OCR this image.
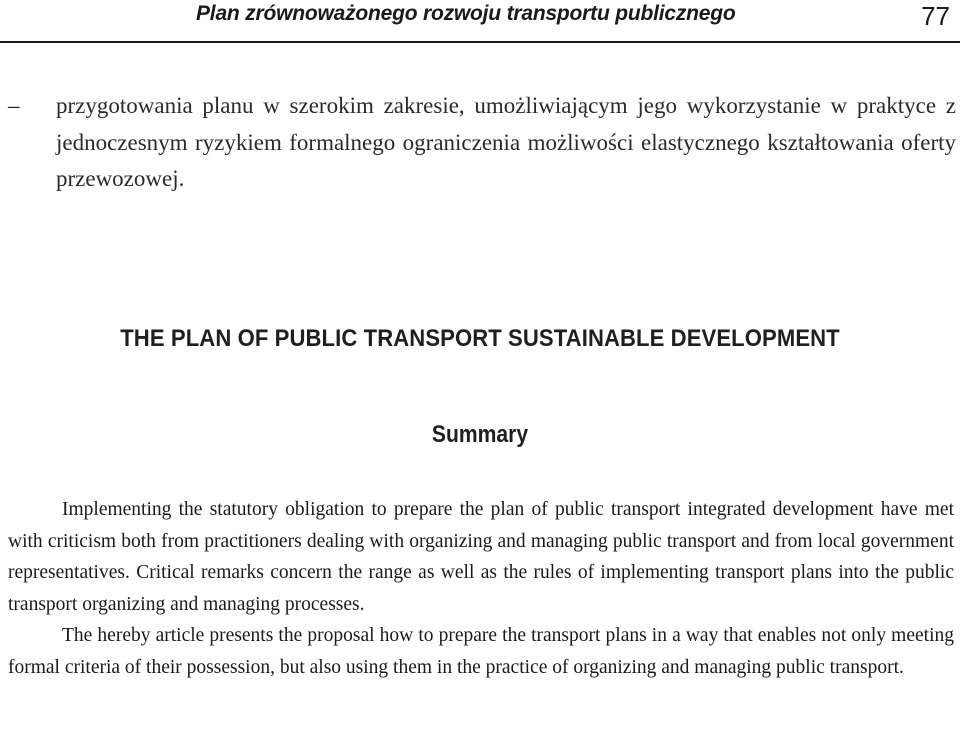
Plan zrównoważonego rozwoju transportu publicznego	77
– przygotowania planu w szerokim zakresie, umożliwiającym jego wykorzystanie w praktyce z jednoczesnym ryzykiem formalnego ograniczenia możliwości elastycznego kształtowania oferty przewozowej.

THE PLAN OF PUBLIC TRANSPORT SUSTAINABLE DEVELOPMENT
Summary

Implementing the statutory obligation to prepare the plan of public transport integrated development have met with criticism both from practitioners dealing with organizing and managing public transport and from local government representatives. Critical remarks concern the range as well as the rules of implementing transport plans into the public transport organizing and managing processes.

The hereby article presents the proposal how to prepare the transport plans in a way that enables not only meeting formal criteria of their possession, but also using them in the practice of organizing and managing public transport.
